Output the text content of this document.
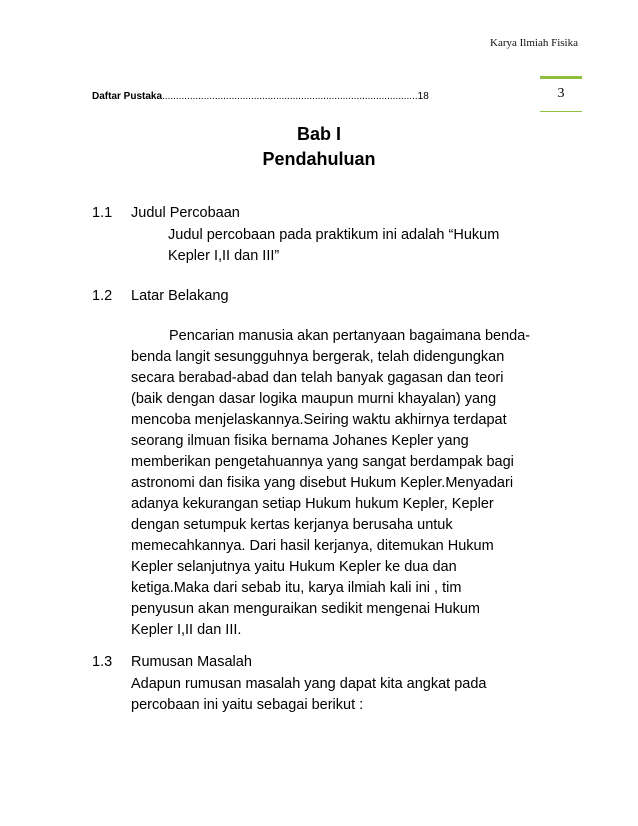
Karya Ilmiah Fisika
3
Daftar Pustaka............................................................................................18
Bab I
Pendahuluan
1.1 Judul Percobaan
Judul percobaan pada praktikum ini adalah “Hukum
Kepler I,II dan III”
1.2 Latar Belakang
Pencarian manusia akan pertanyaan bagaimana benda-
benda langit sesungguhnya bergerak, telah didengungkan
secara berabad-abad dan telah banyak gagasan dan teori
(baik dengan dasar logika maupun murni khayalan) yang
mencoba menjelaskannya.Seiring waktu akhirnya terdapat
seorang ilmuan fisika bernama Johanes Kepler yang
memberikan pengetahuannya yang sangat berdampak bagi
astronomi dan fisika yang disebut Hukum Kepler.Menyadari
adanya kekurangan setiap Hukum hukum Kepler, Kepler
dengan setumpuk kertas kerjanya berusaha untuk
memecahkannya. Dari hasil kerjanya, ditemukan Hukum
Kepler selanjutnya yaitu Hukum Kepler ke dua dan
ketiga.Maka dari sebab itu, karya ilmiah kali ini , tim
penyusun akan menguraikan sedikit mengenai Hukum
Kepler I,II dan III.
1.3 Rumusan Masalah
Adapun rumusan masalah yang dapat kita angkat pada
percobaan ini yaitu sebagai berikut :
